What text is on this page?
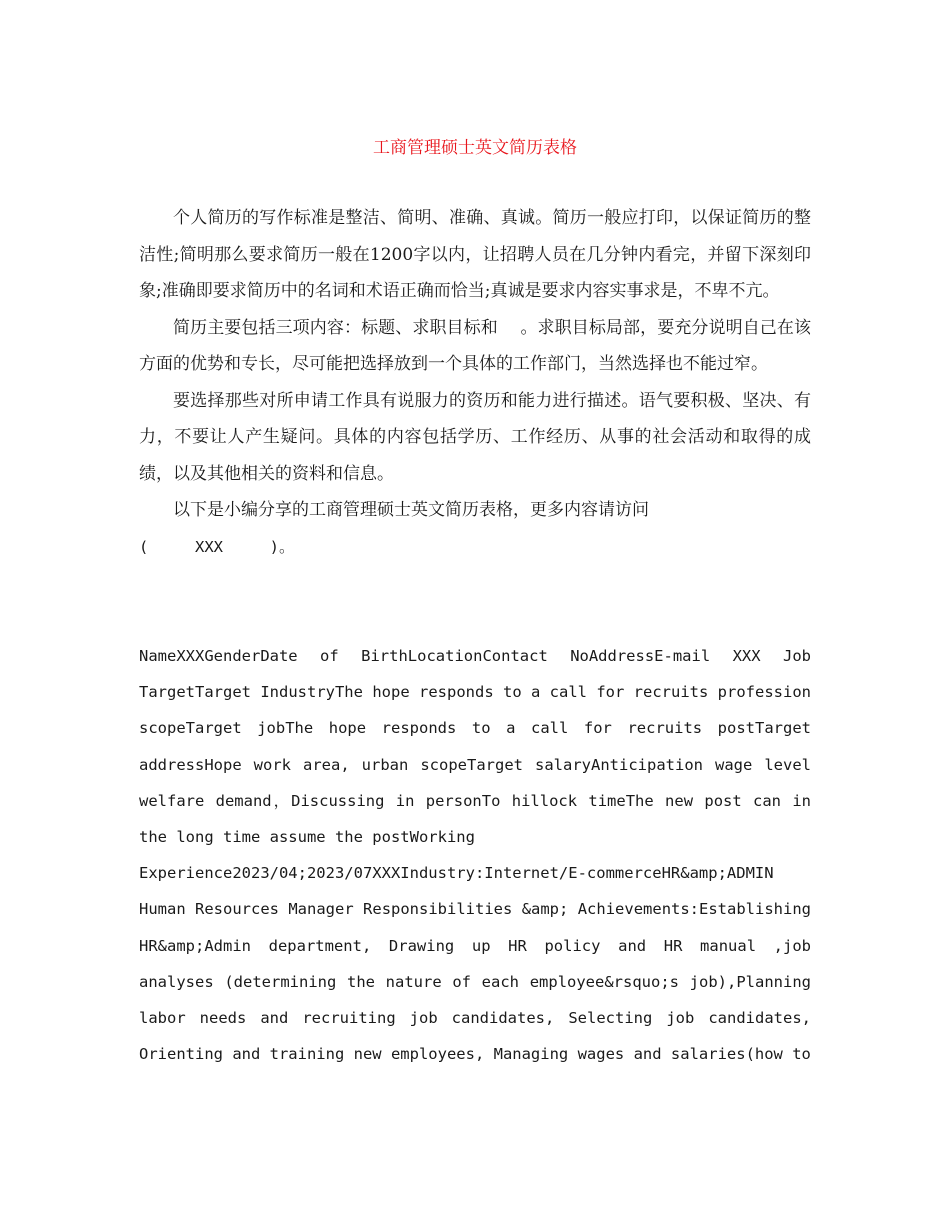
工商管理硕士英文简历表格

个人简历的写作标准是整洁、简明、准确、真诚。简历一般应打印，以保证简历的整洁性;简明那么要求简历一般在1200字以内，让招聘人员在几分钟内看完，并留下深刻印象;准确即要求简历中的名词和术语正确而恰当;真诚是要求内容实事求是，不卑不亢。

简历主要包括三项内容：标题、求职目标和　 。求职目标局部，要充分说明自己在该方面的优势和专长，尽可能把选择放到一个具体的工作部门，当然选择也不能过窄。

要选择那些对所申请工作具有说服力的资历和能力进行描述。语气要积极、坚决、有力，不要让人产生疑问。具体的内容包括学历、工作经历、从事的社会活动和取得的成绩，以及其他相关的资料和信息。

以下是小编分享的工商管理硕士英文简历表格，更多内容请访问

(     XXX     )。

NameXXXGenderDate of BirthLocationContact NoAddressE-mail XXX Job TargetTarget IndustryThe hope responds to a call for recruits profession scopeTarget jobThe hope responds to a call for recruits postTarget addressHope work area, urban scopeTarget salaryAnticipation wage level welfare demand，Discussing in personTo hillock timeThe new post can in the long time assume the postWorking

Experience2023/04;2023/07XXXIndustry:Internet/E-commerceHR&amp;ADMIN Human Resources Manager Responsibilities &amp; Achievements:Establishing HR&amp;Admin department, Drawing up HR policy and HR manual ,job analyses (determining the nature of each employee&rsquo;s job),Planning labor needs and recruiting job candidates, Selecting job candidates, Orienting and training new employees, Managing wages and salaries(how to
